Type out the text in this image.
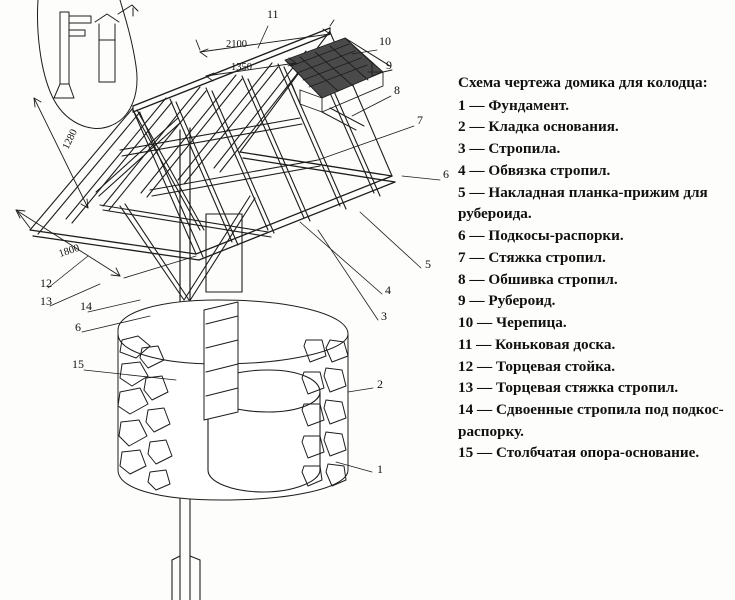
1
2
3
4
5
6
7
8
9
10
11
12
13 14
6
15
2100
1350
1280
1800

Схема чертежа домика для колодца:

1 — Фундамент.

2 — Кладка основания.

3 — Стропила.

4 — Обвязка стропил.

5 — Накладная планка-прижим для рубероида.

6 — Подкосы-распорки.

7 — Стяжка стропил.

8 — Обшивка стропил.

9 — Рубероид.

10 — Черепица.

11 — Коньковая доска.

12 — Торцевая стойка.

13 — Торцевая стяжка стропил.

14 — Сдвоенные стропила под подкос-распорку.

15 — Столбчатая опора-основание.
